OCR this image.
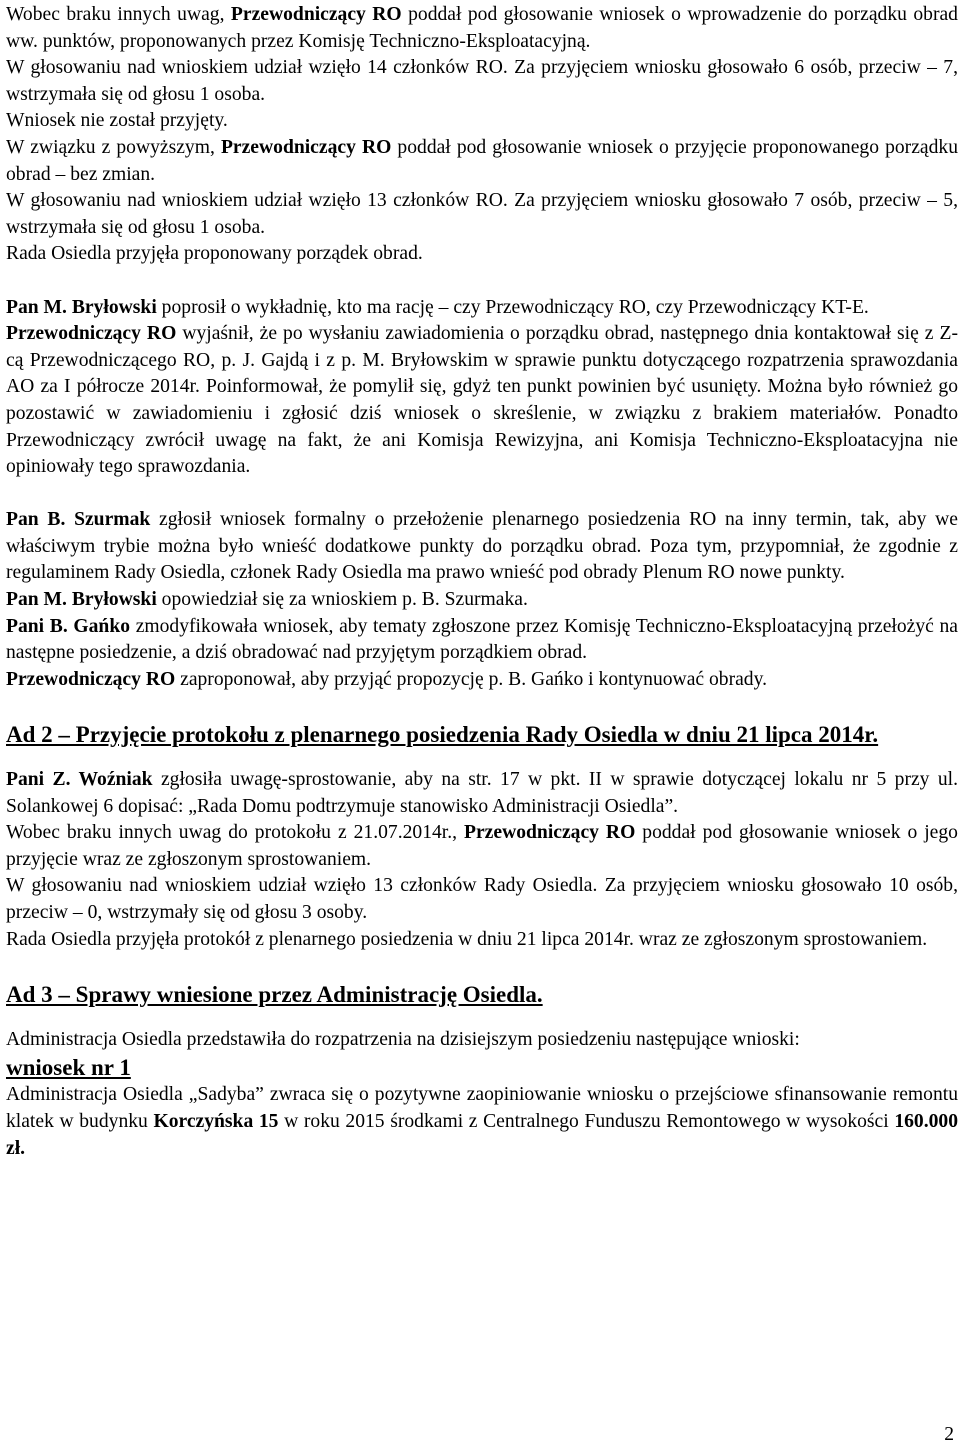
Wobec braku innych uwag, Przewodniczący RO poddał pod głosowanie wniosek o wprowadzenie do porządku obrad ww. punktów, proponowanych przez Komisję Techniczno-Eksploatacyjną.

W głosowaniu nad wnioskiem udział wzięło 14 członków RO. Za przyjęciem wniosku głosowało 6 osób, przeciw – 7, wstrzymała się od głosu 1 osoba.

Wniosek nie został przyjęty.

W związku z powyższym, Przewodniczący RO poddał pod głosowanie wniosek o przyjęcie proponowanego porządku obrad – bez zmian.

W głosowaniu nad wnioskiem udział wzięło 13 członków RO. Za przyjęciem wniosku głosowało 7 osób, przeciw – 5, wstrzymała się od głosu 1 osoba.

Rada Osiedla przyjęła proponowany porządek obrad.

Pan M. Bryłowski poprosił o wykładnię, kto ma rację – czy Przewodniczący RO, czy Przewodniczący KT-E.

Przewodniczący RO wyjaśnił, że po wysłaniu zawiadomienia o porządku obrad, następnego dnia kontaktował się z Z-cą Przewodniczącego RO, p. J. Gajdą i z p. M. Bryłowskim w sprawie punktu dotyczącego rozpatrzenia sprawozdania AO za I półrocze 2014r. Poinformował, że pomylił się, gdyż ten punkt powinien być usunięty. Można było również go pozostawić w zawiadomieniu i zgłosić dziś wniosek o skreślenie, w związku z brakiem materiałów. Ponadto Przewodniczący zwrócił uwagę na fakt, że ani Komisja Rewizyjna, ani Komisja Techniczno-Eksploatacyjna nie opiniowały tego sprawozdania.

Pan B. Szurmak zgłosił wniosek formalny o przełożenie plenarnego posiedzenia RO na inny termin, tak, aby we właściwym trybie można było wnieść dodatkowe punkty do porządku obrad. Poza tym, przypomniał, że zgodnie z regulaminem Rady Osiedla, członek Rady Osiedla ma prawo wnieść pod obrady Plenum RO nowe punkty.

Pan M. Bryłowski opowiedział się za wnioskiem p. B. Szurmaka.

Pani B. Gańko zmodyfikowała wniosek, aby tematy zgłoszone przez Komisję Techniczno-Eksploatacyjną przełożyć na następne posiedzenie, a dziś obradować nad przyjętym porządkiem obrad.

Przewodniczący RO zaproponował, aby przyjąć propozycję p. B. Gańko i kontynuować obrady.

Ad 2 – Przyjęcie protokołu z plenarnego posiedzenia Rady Osiedla w dniu 21 lipca 2014r.

Pani Z. Woźniak zgłosiła uwagę-sprostowanie, aby na str. 17 w pkt. II w sprawie dotyczącej lokalu nr 5 przy ul. Solankowej 6 dopisać: „Rada Domu podtrzymuje stanowisko Administracji Osiedla”.

Wobec braku innych uwag do protokołu z 21.07.2014r., Przewodniczący RO poddał pod głosowanie wniosek o jego przyjęcie wraz ze zgłoszonym sprostowaniem.

W głosowaniu nad wnioskiem udział wzięło 13 członków Rady Osiedla. Za przyjęciem wniosku głosowało 10 osób, przeciw – 0, wstrzymały się od głosu 3 osoby.

Rada Osiedla przyjęła protokół z plenarnego posiedzenia w dniu 21 lipca 2014r. wraz ze zgłoszonym sprostowaniem.

Ad 3 – Sprawy wniesione przez Administrację Osiedla.

Administracja Osiedla przedstawiła do rozpatrzenia na dzisiejszym posiedzeniu następujące wnioski:

wniosek nr 1

Administracja Osiedla „Sadyba” zwraca się o pozytywne zaopiniowanie wniosku o przejściowe sfinansowanie remontu klatek w budynku Korczyńska 15 w roku 2015 środkami z Centralnego Funduszu Remontowego w wysokości 160.000 zł.

2
